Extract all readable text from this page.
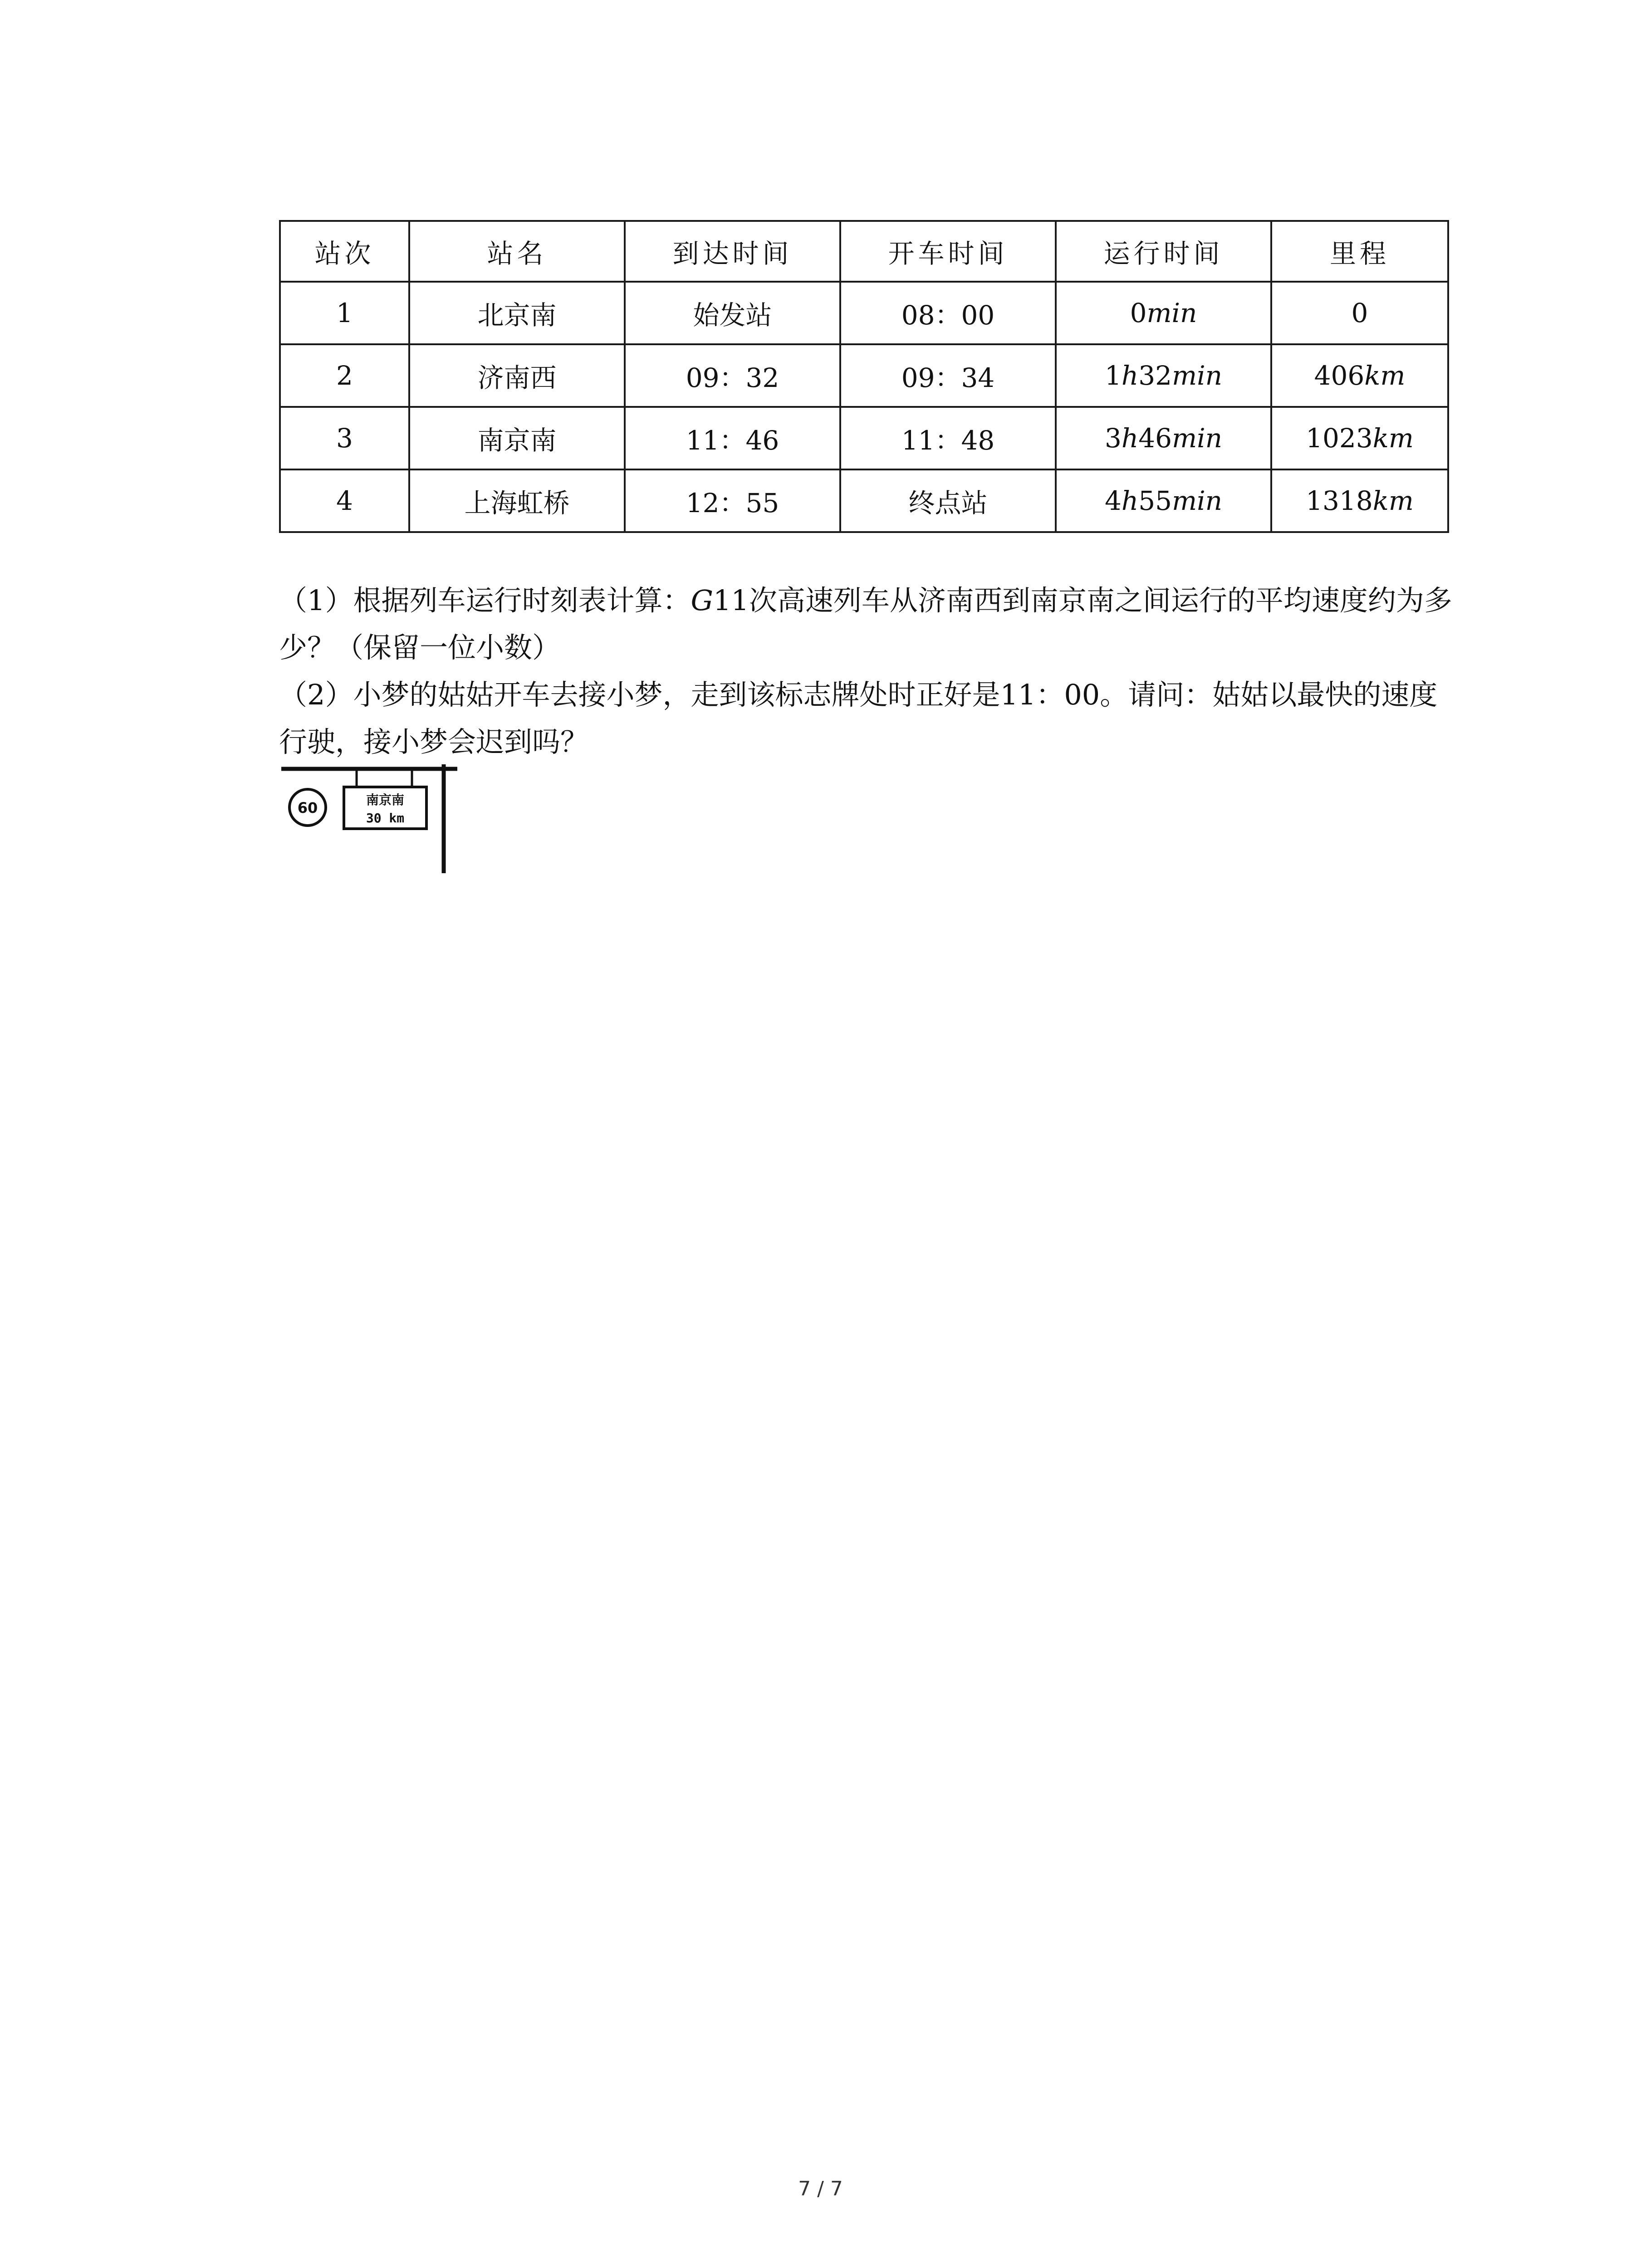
站次	站名	到达时间	开车时间	运行时间	里程
1	北京南	始发站	08：00	0min	0
2	济南西	09：32	09：34	1h32min	406km
3	南京南	11：46	11：48	3h46min	1023km
4	上海虹桥	12：55	终点站	4h55min	1318km

（1）根据列车运行时刻表计算：G11次高速列车从济南西到南京南之间运行的平均速度约为多少？（保留一位小数）

（2）小梦的姑姑开车去接小梦，走到该标志牌处时正好是11：00。请问：姑姑以最快的速度行驶，接小梦会迟到吗？

60	南京南
30 km
7 / 7
